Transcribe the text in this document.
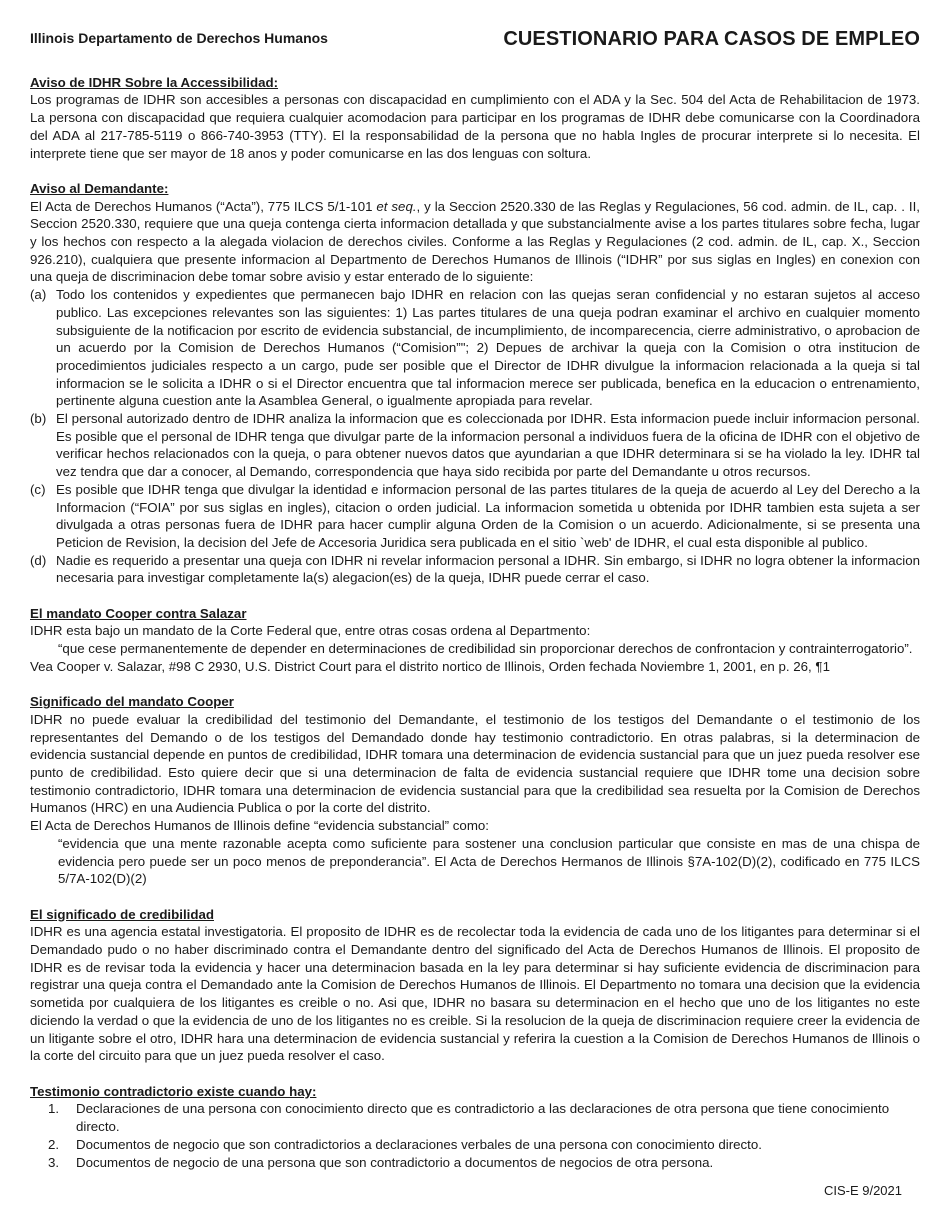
Illinois Departamento de Derechos Humanos	CUESTIONARIO PARA CASOS DE EMPLEO

Aviso de IDHR Sobre la Accessibilidad:

Los programas de IDHR son accesibles a personas con discapacidad en cumplimiento con el ADA y la Sec. 504 del Acta de Rehabilitacion de 1973. La persona con discapacidad que requiera cualquier acomodacion para participar en los programas de IDHR debe comunicarse con la Coordinadora del ADA al 217-785-5119 o 866-740-3953 (TTY). El la responsabilidad de la persona que no habla Ingles de procurar interprete si lo necesita. El interprete tiene que ser mayor de 18 anos y poder comunicarse en las dos lenguas con soltura.

Aviso al Demandante:

El Acta de Derechos Humanos (“Acta”), 775 ILCS 5/1-101 et seq., y la Seccion 2520.330 de las Reglas y Regulaciones, 56 cod. admin. de IL, cap. . II, Seccion 2520.330, requiere que una queja contenga cierta informacion detallada y que substancialmente avise a los partes titulares sobre fecha, lugar y los hechos con respecto a la alegada violacion de derechos civiles. Conforme a las Reglas y Regulaciones (2 cod. admin. de IL, cap. X., Seccion 926.210), cualquiera que presente informacion al Departmento de Derechos Humanos de Illinois (“IDHR” por sus siglas en Ingles) en conexion con una queja de discriminacion debe tomar sobre avisio y estar enterado de lo siguiente:

(a) Todo los contenidos y expedientes que permanecen bajo IDHR en relacion con las quejas seran confidencial y no estaran sujetos al acceso publico. Las excepciones relevantes son las siguientes: 1) Las partes titulares de una queja podran examinar el archivo en cualquier momento subsiguiente de la notificacion por escrito de evidencia substancial, de incumplimiento, de incomparecencia, cierre administrativo, o aprobacion de un acuerdo por la Comision de Derechos Humanos (“Comision”"; 2) Depues de archivar la queja con la Comision o otra institucion de procedimientos judiciales respecto a un cargo, pude ser posible que el Director de IDHR divulgue la informacion relacionada a la queja si tal informacion se le solicita a IDHR o si el Director encuentra que tal informacion merece ser publicada, benefica en la educacion o entrenamiento, pertinente alguna cuestion ante la Asamblea General, o igualmente apropiada para revelar.
(b) El personal autorizado dentro de IDHR analiza la informacion que es coleccionada por IDHR. Esta informacion puede incluir informacion personal. Es posible que el personal de IDHR tenga que divulgar parte de la informacion personal a individuos fuera de la oficina de IDHR con el objetivo de verificar hechos relacionados con la queja, o para obtener nuevos datos que ayundarian a que IDHR determinara si se ha violado la ley. IDHR tal vez tendra que dar a conocer, al Demando, correspondencia que haya sido recibida por parte del Demandante u otros recursos.
(c) Es posible que IDHR tenga que divulgar la identidad e informacion personal de las partes titulares de la queja de acuerdo al Ley del Derecho a la Informacion (“FOIA” por sus siglas en ingles), citacion o orden judicial. La informacion sometida u obtenida por IDHR tambien esta sujeta a ser divulgada a otras personas fuera de IDHR para hacer cumplir alguna Orden de la Comision o un acuerdo. Adicionalmente, si se presenta una Peticion de Revision, la decision del Jefe de Accesoria Juridica sera publicada en el sitio `web' de IDHR, el cual esta disponible al publico.
(d) Nadie es requerido a presentar una queja con IDHR ni revelar informacion personal a IDHR. Sin embargo, si IDHR no logra obtener la informacion necesaria para investigar completamente la(s) alegacion(es) de la queja, IDHR puede cerrar el caso.

El mandato Cooper contra Salazar

IDHR esta bajo un mandato de la Corte Federal que, entre otras cosas ordena al Departmento:

“que cese permanentemente de depender en determinaciones de credibilidad sin proporcionar derechos de confrontacion y contrainterrogatorio”.

Vea Cooper v. Salazar, #98 C 2930, U.S. District Court para el distrito nortico de Illinois, Orden fechada Noviembre 1, 2001, en p. 26, ¶1

Significado del mandato Cooper

IDHR no puede evaluar la credibilidad del testimonio del Demandante, el testimonio de los testigos del Demandante o el testimonio de los representantes del Demando o de los testigos del Demandado donde hay testimonio contradictorio. En otras palabras, si la determinacion de evidencia sustancial depende en puntos de credibilidad, IDHR tomara una determinacion de evidencia sustancial para que un juez pueda resolver ese punto de credibilidad. Esto quiere decir que si una determinacion de falta de evidencia sustancial requiere que IDHR tome una decision sobre testimonio contradictorio, IDHR tomara una determinacion de evidencia sustancial para que la credibilidad sea resuelta por la Comision de Derechos Humanos (HRC) en una Audiencia Publica o por la corte del distrito.

El Acta de Derechos Humanos de Illinois define “evidencia substancial” como:

“evidencia que una mente razonable acepta como suficiente para sostener una conclusion particular que consiste en mas de una chispa de evidencia pero puede ser un poco menos de preponderancia”. El Acta de Derechos Hermanos de Illinois §7A-102(D)(2), codificado en 775 ILCS 5/7A-102(D)(2)

El significado de credibilidad

IDHR es una agencia estatal investigatoria. El proposito de IDHR es de recolectar toda la evidencia de cada uno de los litigantes para determinar si el Demandado pudo o no haber discriminado contra el Demandante dentro del significado del Acta de Derechos Humanos de Illinois. El proposito de IDHR es de revisar toda la evidencia y hacer una determinacion basada en la ley para determinar si hay suficiente evidencia de discriminacion para registrar una queja contra el Demandado ante la Comision de Derechos Humanos de Illinois. El Departmento no tomara una decision que la evidencia sometida por cualquiera de los litigantes es creible o no. Asi que, IDHR no basara su determinacion en el hecho que uno de los litigantes no este diciendo la verdad o que la evidencia de uno de los litigantes no es creible. Si la resolucion de la queja de discriminacion requiere creer la evidencia de un litigante sobre el otro, IDHR hara una determinacion de evidencia sustancial y referira la cuestion a la Comision de Derechos Humanos de Illinois o la corte del circuito para que un juez pueda resolver el caso.

Testimonio contradictorio existe cuando hay:

1.	Declaraciones de una persona con conocimiento directo que es contradictorio a las declaraciones de otra persona que tiene conocimiento directo.
2.	Documentos de negocio que son contradictorios a declaraciones verbales de una persona con conocimiento directo.
3.	Documentos de negocio de una persona que son contradictorio a documentos de negocios de otra persona.
CIS-E 9/2021
